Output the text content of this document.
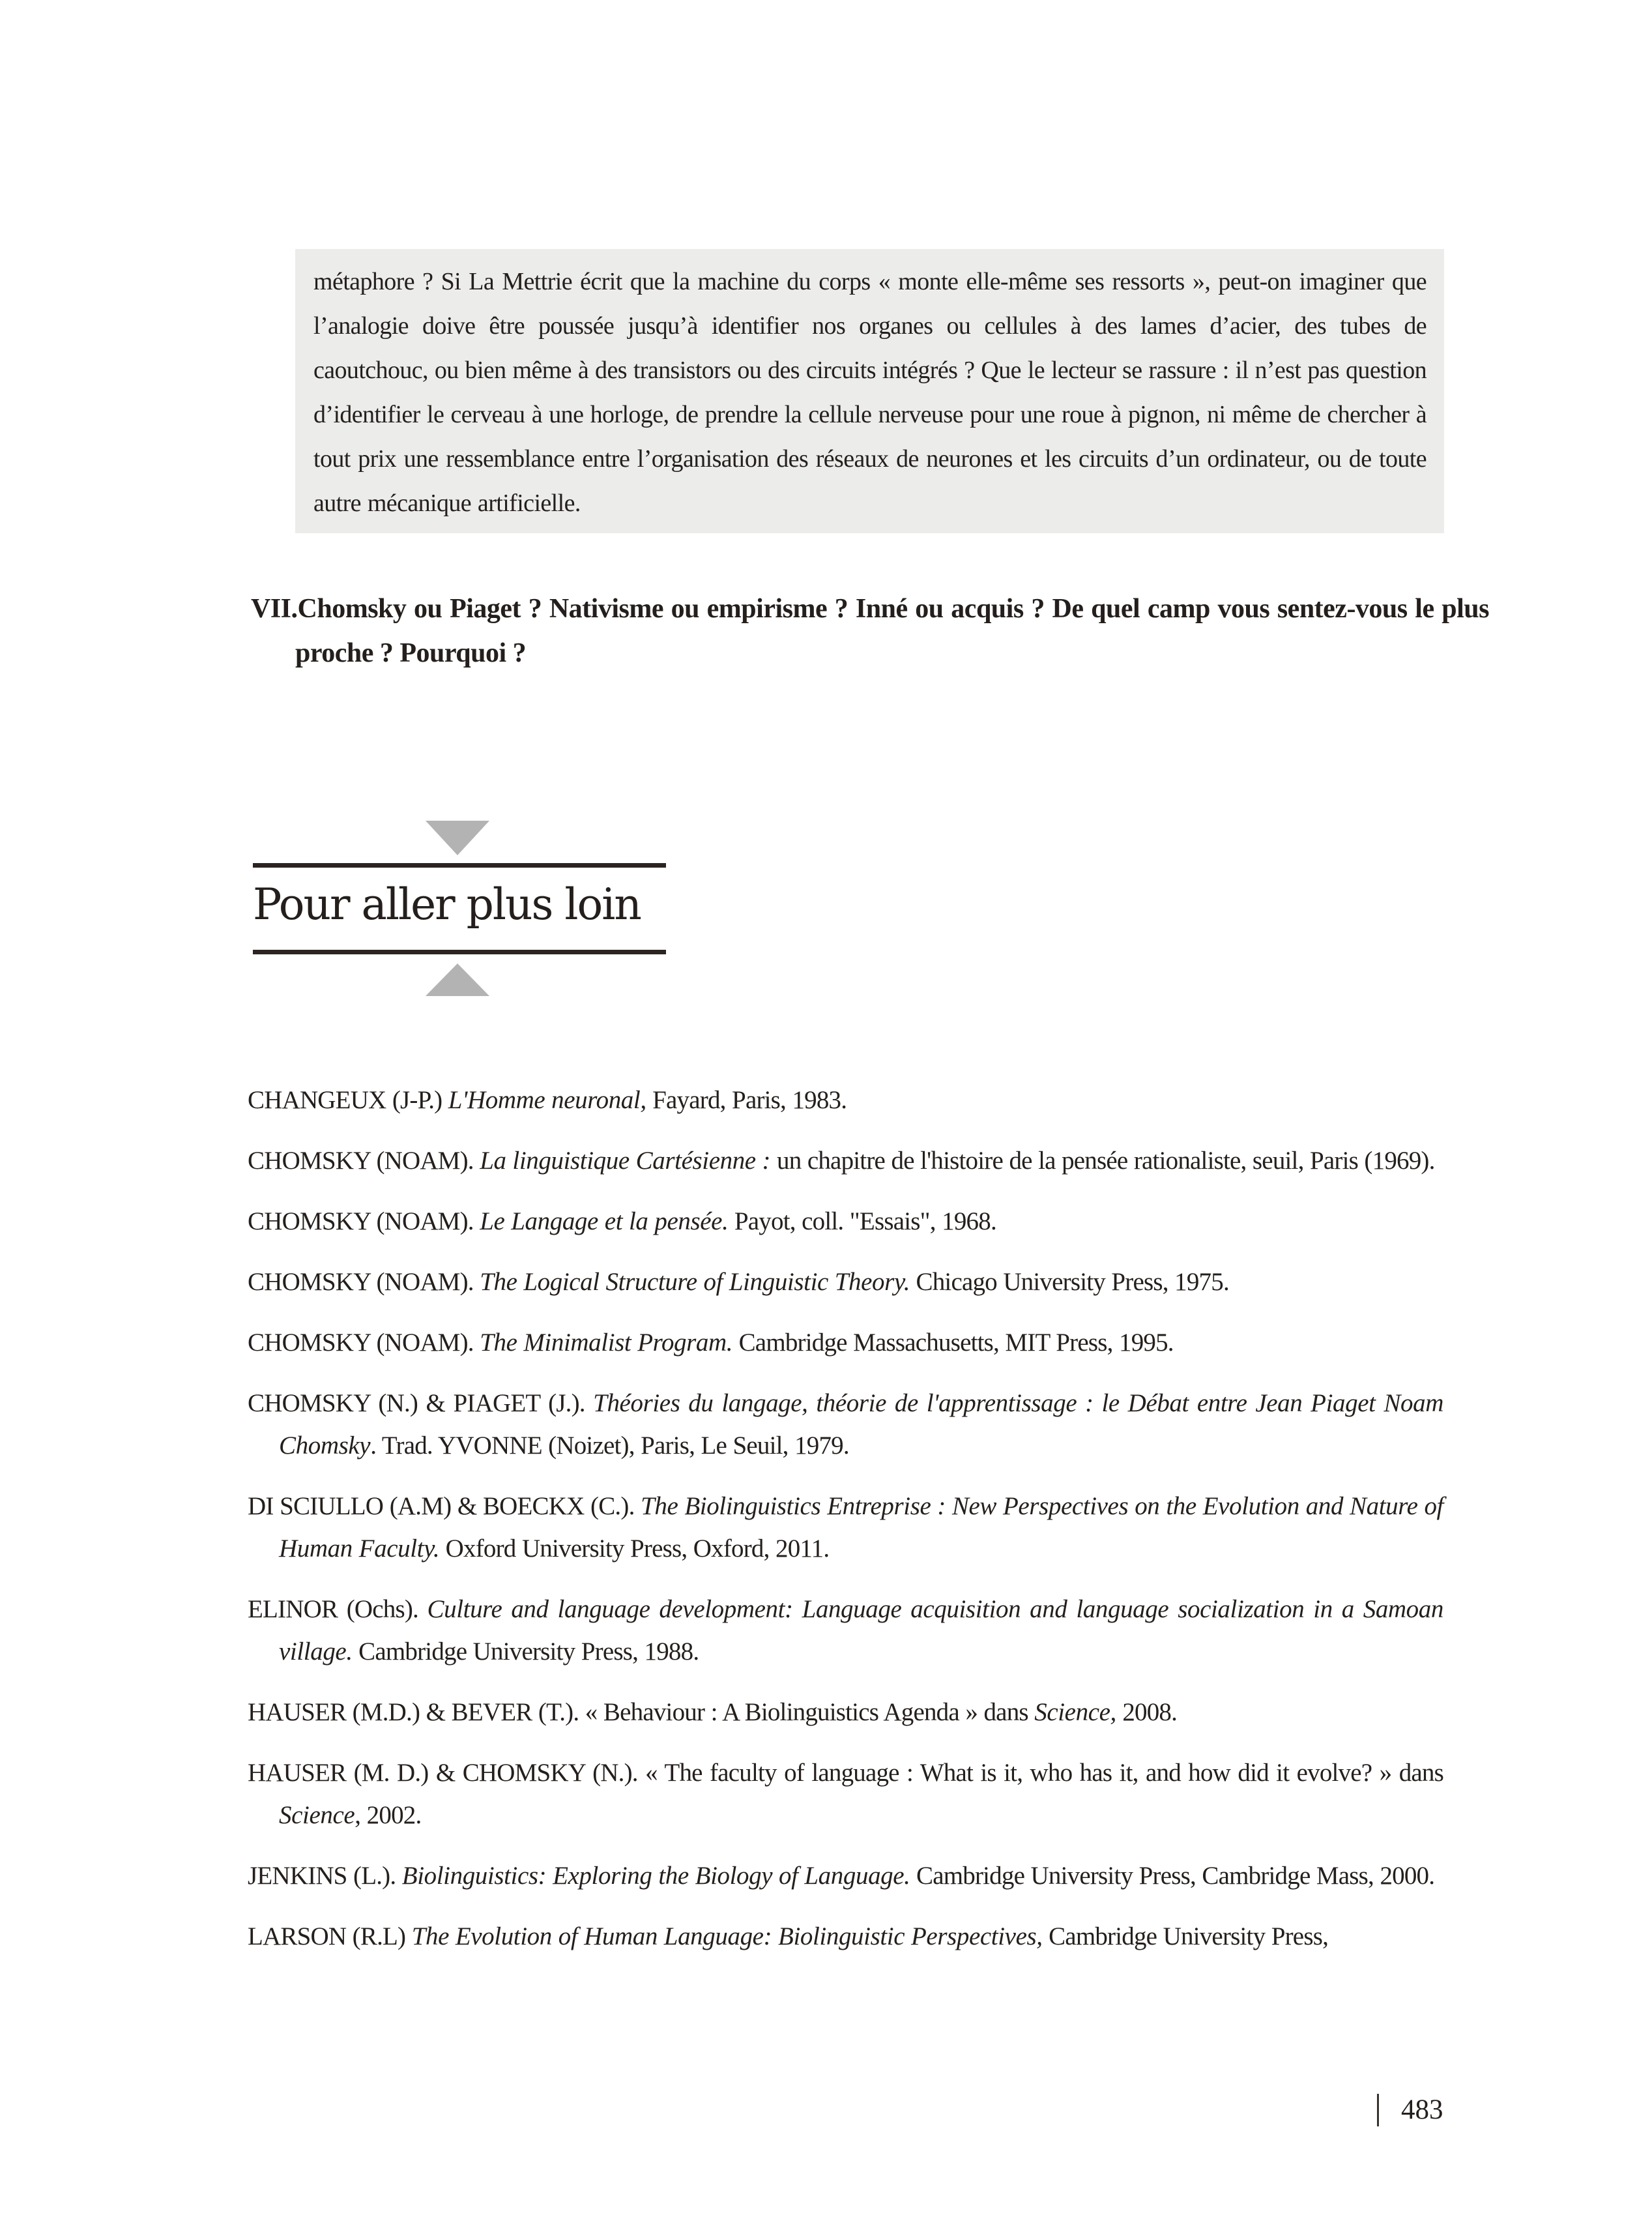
métaphore ? Si La Mettrie écrit que la machine du corps « monte elle-même ses ressorts », peut-on imaginer que l’analogie doive être poussée jusqu’à identifier nos organes ou cellules à des lames d’acier, des tubes de caoutchouc, ou bien même à des transistors ou des circuits intégrés ? Que le lecteur se rassure : il n’est pas question d’identifier le cerveau à une horloge, de prendre la cellule nerveuse pour une roue à pignon, ni même de chercher à tout prix une ressemblance entre l’organisation des réseaux de neurones et les circuits d’un ordinateur, ou de toute autre mécanique artificielle.

VII.Chomsky ou Piaget ? Nativisme ou empirisme ? Inné ou acquis ? De quel camp vous sentez-vous le plus proche ? Pourquoi ?

Pour aller plus loin

CHANGEUX (J-P.) L'Homme neuronal, Fayard, Paris, 1983.

CHOMSKY (NOAM). La linguistique Cartésienne : un chapitre de l'histoire de la pensée rationaliste, seuil, Paris (1969).

CHOMSKY (NOAM). Le Langage et la pensée. Payot, coll. "Essais", 1968.

CHOMSKY (NOAM). The Logical Structure of Linguistic Theory. Chicago University Press, 1975.

CHOMSKY (NOAM). The Minimalist Program. Cambridge Massachusetts, MIT Press, 1995.

CHOMSKY (N.) & PIAGET (J.). Théories du langage, théorie de l'apprentissage : le Débat entre Jean Piaget Noam Chomsky. Trad. YVONNE (Noizet), Paris, Le Seuil, 1979.

DI SCIULLO (A.M) & BOECKX (C.). The Biolinguistics Entreprise : New Perspectives on the Evolution and Nature of Human Faculty. Oxford University Press, Oxford, 2011.

ELINOR (Ochs). Culture and language development: Language acquisition and language socialization in a Samoan village. Cambridge University Press, 1988.

HAUSER (M.D.) & BEVER (T.). « Behaviour : A Biolinguistics Agenda » dans Science, 2008.

HAUSER (M. D.) & CHOMSKY (N.). « The faculty of language : What is it, who has it, and how did it evolve? » dans Science, 2002.

JENKINS (L.). Biolinguistics: Exploring the Biology of Language. Cambridge University Press, Cambridge Mass, 2000.

LARSON (R.L) The Evolution of Human Language: Biolinguistic Perspectives, Cambridge University Press,

483
